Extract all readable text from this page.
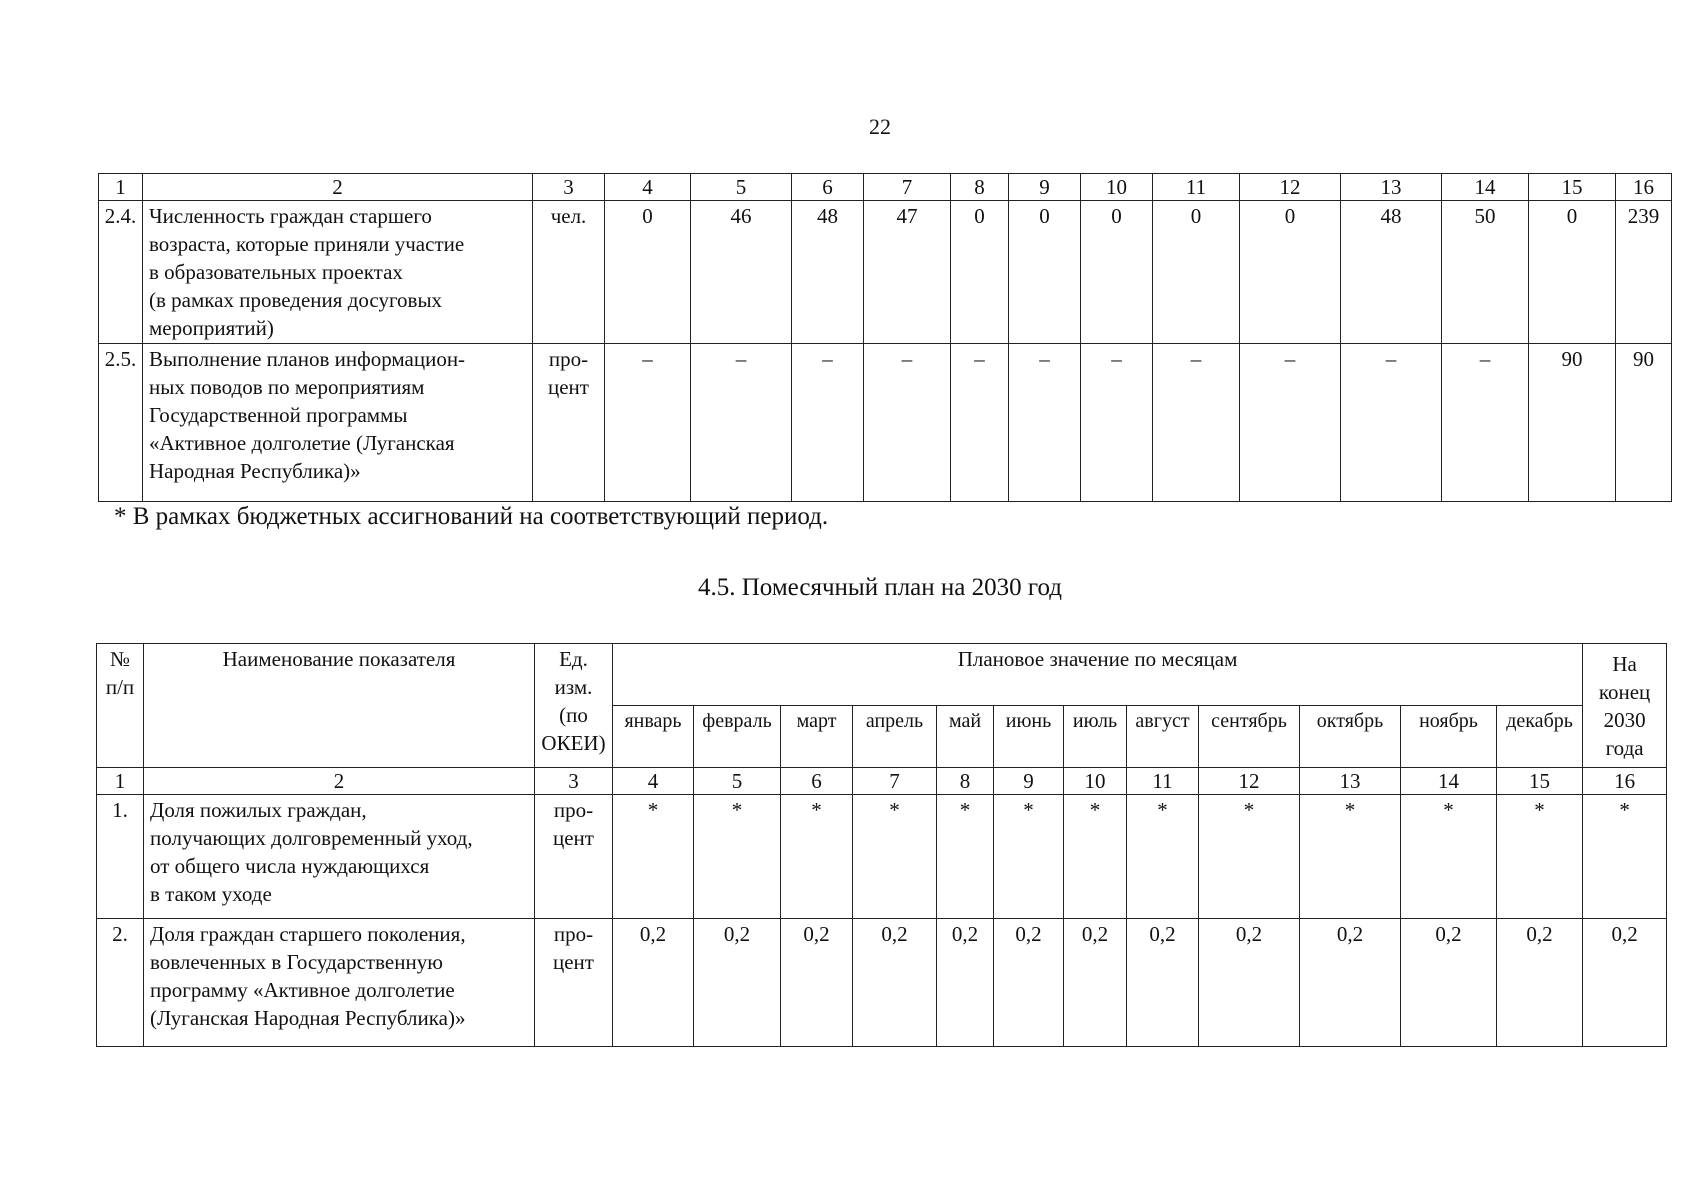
22
1	2	3	4	5	6	7	8	9	10	11	12	13	14	15	16
2.4.	Численность граждан старшего
возраста, которые приняли участие
в образовательных проектах
(в рамках проведения досуговых
мероприятий)	чел.	0	46	48	47	0	0	0	0	0	48	50	0	239
2.5.	Выполнение планов информацион-
ных поводов по мероприятиям
Государственной программы
«Активное долголетие (Луганская
Народная Республика)»	про-
цент	–	–	–	–	–	–	–	–	–	–	–	90	90
* В рамках бюджетных ассигнований на соответствующий период.
4.5. Помесячный план на 2030 год
№
п/п	Наименование показателя	Ед.
изм.
(по
ОКЕИ)	Плановое значение по месяцам												На
конец
2030
года
			январь	февраль	март	апрель	май	июнь	июль	август	сентябрь	октябрь	ноябрь	декабрь	
1	2	3	4	5	6	7	8	9	10	11	12	13	14	15	16
1.	Доля пожилых граждан,
получающих долговременный уход,
от общего числа нуждающихся
в таком уходе	про-
цент	*	*	*	*	*	*	*	*	*	*	*	*	*
2.	Доля граждан старшего поколения,
вовлеченных в Государственную
программу «Активное долголетие
(Луганская Народная Республика)»	про-
цент	0,2	0,2	0,2	0,2	0,2	0,2	0,2	0,2	0,2	0,2	0,2	0,2	0,2
